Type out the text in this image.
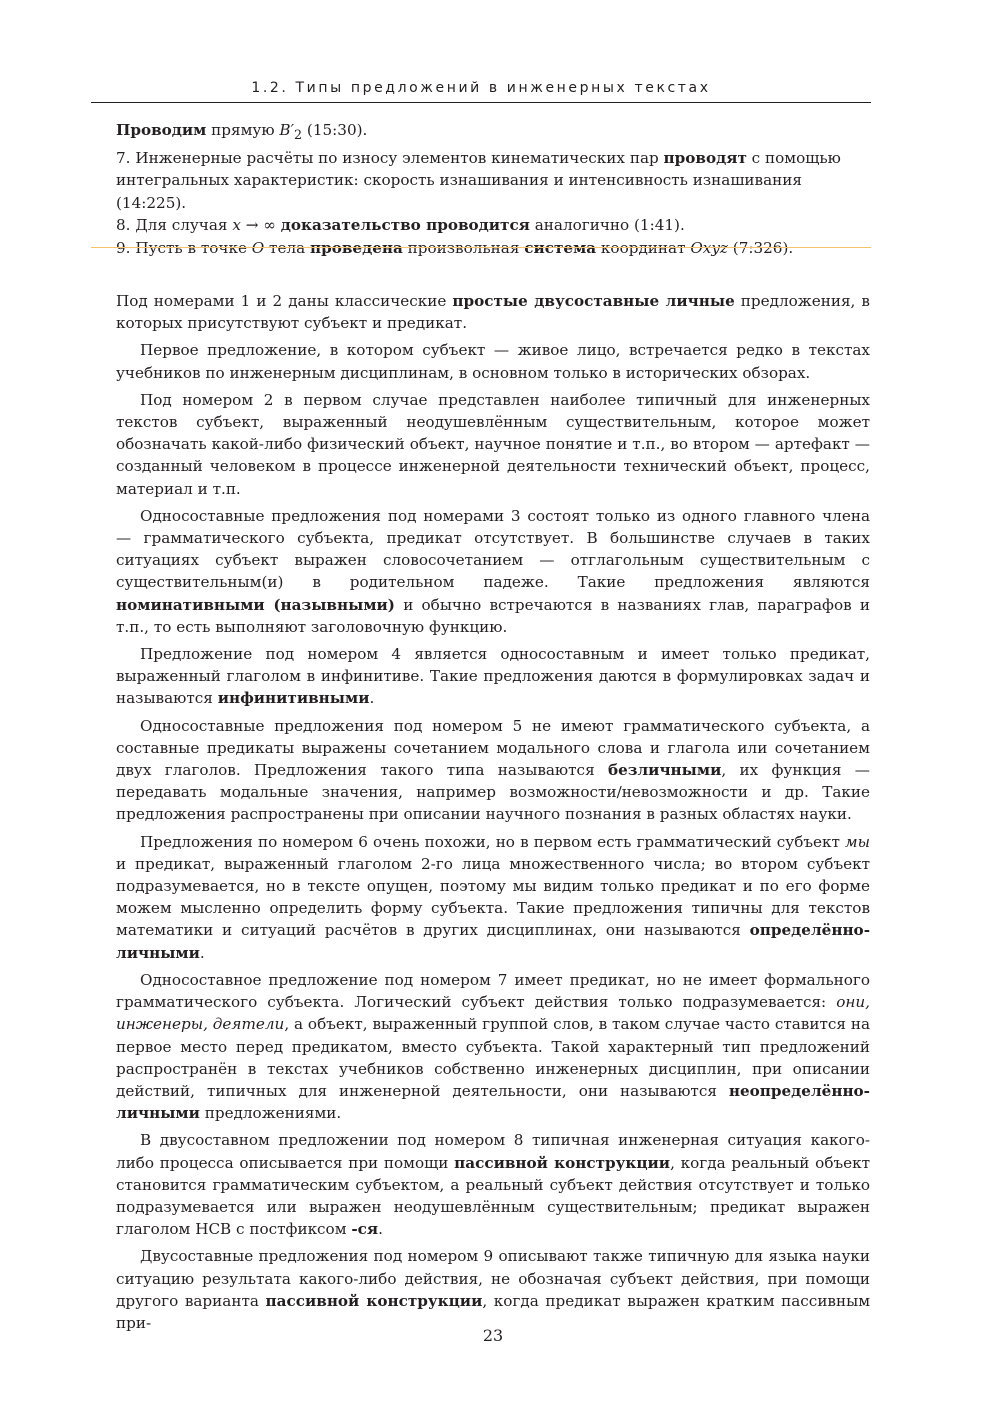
1.2. Типы предложений в инженерных текстах

Проводим прямую $B'_2$ (15:30).

7. Инженерные расчёты по износу элементов кинематических пар проводят с помощью интегральных характеристик: скорость изнашивания и интенсивность изнашивания (14:225).

8. Для случая x → ∞ доказательство проводится аналогично (1:41).

9. Пусть в точке O тела проведена произвольная система координат Oxyz (7:326).

Под номерами 1 и 2 даны классические простые двусоставные личные предложения, в которых присутствуют субъект и предикат.

Первое предложение, в котором субъект — живое лицо, встречается редко в текстах учебников по инженерным дисциплинам, в основном только в исторических обзорах.

Под номером 2 в первом случае представлен наиболее типичный для инженерных текстов субъект, выраженный неодушевлённым существительным, которое может обозначать какой-либо физический объект, научное понятие и т.п., во втором — артефакт — созданный человеком в процессе инженерной деятельности технический объект, процесс, материал и т.п.

Односоставные предложения под номерами 3 состоят только из одного главного члена — грамматического субъекта, предикат отсутствует. В большинстве случаев в таких ситуациях субъект выражен словосочетанием — отглагольным существительным с существительным(и) в родительном падеже. Такие предложения являются номинативными (назывными) и обычно встречаются в названиях глав, параграфов и т.п., то есть выполняют заголовочную функцию.

Предложение под номером 4 является односоставным и имеет только предикат, выраженный глаголом в инфинитиве. Такие предложения даются в формулировках задач и называются инфинитивными.

Односоставные предложения под номером 5 не имеют грамматического субъекта, а составные предикаты выражены сочетанием модального слова и глагола или сочетанием двух глаголов. Предложения такого типа называются безличными, их функция — передавать модальные значения, например возможности/невозможности и др. Такие предложения распространены при описании научного познания в разных областях науки.

Предложения по номером 6 очень похожи, но в первом есть грамматический субъект мы и предикат, выраженный глаголом 2-го лица множественного числа; во втором субъект подразумевается, но в тексте опущен, поэтому мы видим только предикат и по его форме можем мысленно определить форму субъекта. Такие предложения типичны для текстов математики и ситуаций расчётов в других дисциплинах, они называются определённо-личными.

Односоставное предложение под номером 7 имеет предикат, но не имеет формального грамматического субъекта. Логический субъект действия только подразумевается: они, инженеры, деятели, а объект, выраженный группой слов, в таком случае часто ставится на первое место перед предикатом, вместо субъекта. Такой характерный тип предложений распространён в текстах учебников собственно инженерных дисциплин, при описании действий, типичных для инженерной деятельности, они называются неопределённо-личными предложениями.

В двусоставном предложении под номером 8 типичная инженерная ситуация какого-либо процесса описывается при помощи пассивной конструкции, когда реальный объект становится грамматическим субъектом, а реальный субъект действия отсутствует и только подразумевается или выражен неодушевлённым существительным; предикат выражен глаголом НСВ с постфиксом -ся.

Двусоставные предложения под номером 9 описывают также типичную для языка науки ситуацию результата какого-либо действия, не обозначая субъект действия, при помощи другого варианта пассивной конструкции, когда предикат выражен кратким пассивным при-

23
